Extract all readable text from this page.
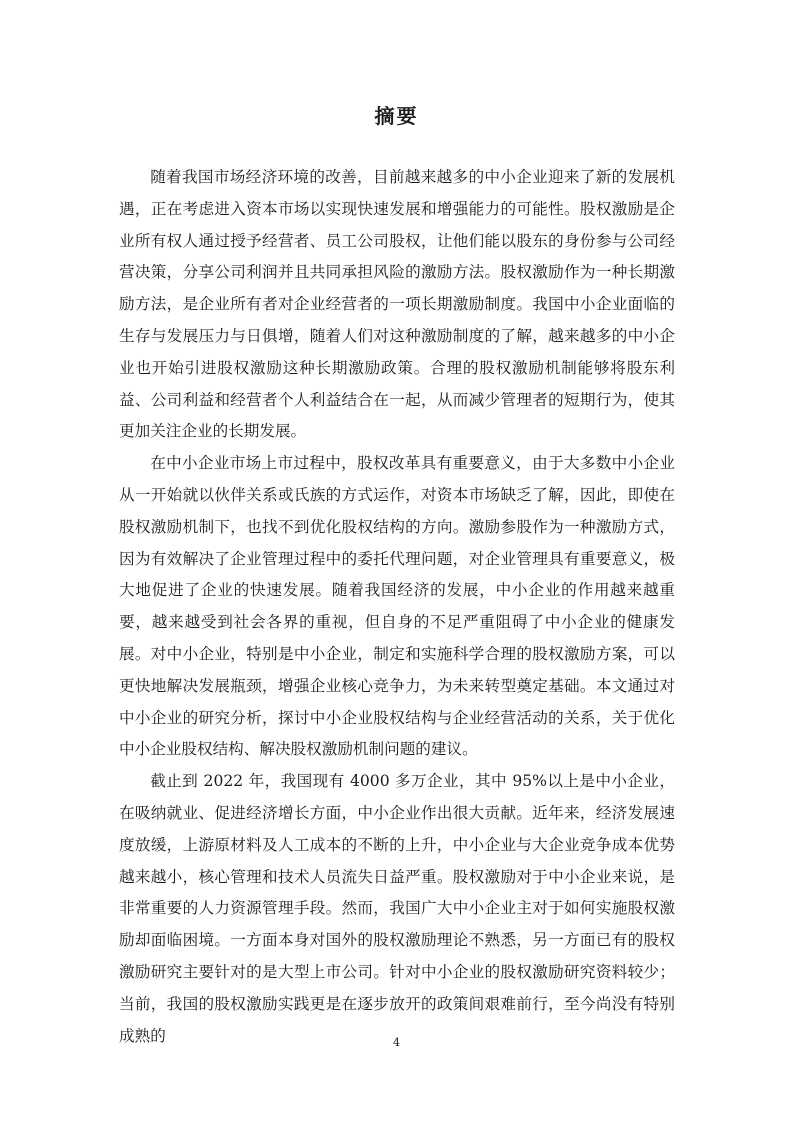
摘要

随着我国市场经济环境的改善，目前越来越多的中小企业迎来了新的发展机遇，正在考虑进入资本市场以实现快速发展和增强能力的可能性。股权激励是企业所有权人通过授予经营者、员工公司股权，让他们能以股东的身份参与公司经营决策，分享公司利润并且共同承担风险的激励方法。股权激励作为一种长期激励方法，是企业所有者对企业经营者的一项长期激励制度。我国中小企业面临的生存与发展压力与日俱增，随着人们对这种激励制度的了解，越来越多的中小企业也开始引进股权激励这种长期激励政策。合理的股权激励机制能够将股东利益、公司利益和经营者个人利益结合在一起，从而减少管理者的短期行为，使其更加关注企业的长期发展。

在中小企业市场上市过程中，股权改革具有重要意义，由于大多数中小企业从一开始就以伙伴关系或氏族的方式运作，对资本市场缺乏了解，因此，即使在股权激励机制下，也找不到优化股权结构的方向。激励参股作为一种激励方式，因为有效解决了企业管理过程中的委托代理问题，对企业管理具有重要意义，极大地促进了企业的快速发展。随着我国经济的发展，中小企业的作用越来越重要，越来越受到社会各界的重视，但自身的不足严重阻碍了中小企业的健康发展。对中小企业，特别是中小企业，制定和实施科学合理的股权激励方案，可以更快地解决发展瓶颈，增强企业核心竞争力，为未来转型奠定基础。本文通过对中小企业的研究分析，探讨中小企业股权结构与企业经营活动的关系，关于优化中小企业股权结构、解决股权激励机制问题的建议。

截止到 2022 年，我国现有 4000 多万企业，其中 95%以上是中小企业，在吸纳就业、促进经济增长方面，中小企业作出很大贡献。近年来，经济发展速度放缓，上游原材料及人工成本的不断的上升，中小企业与大企业竞争成本优势越来越小，核心管理和技术人员流失日益严重。股权激励对于中小企业来说，是非常重要的人力资源管理手段。然而，我国广大中小企业主对于如何实施股权激励却面临困境。一方面本身对国外的股权激励理论不熟悉，另一方面已有的股权激励研究主要针对的是大型上市公司。针对中小企业的股权激励研究资料较少；当前，我国的股权激励实践更是在逐步放开的政策间艰难前行，至今尚没有特别成熟的	4
